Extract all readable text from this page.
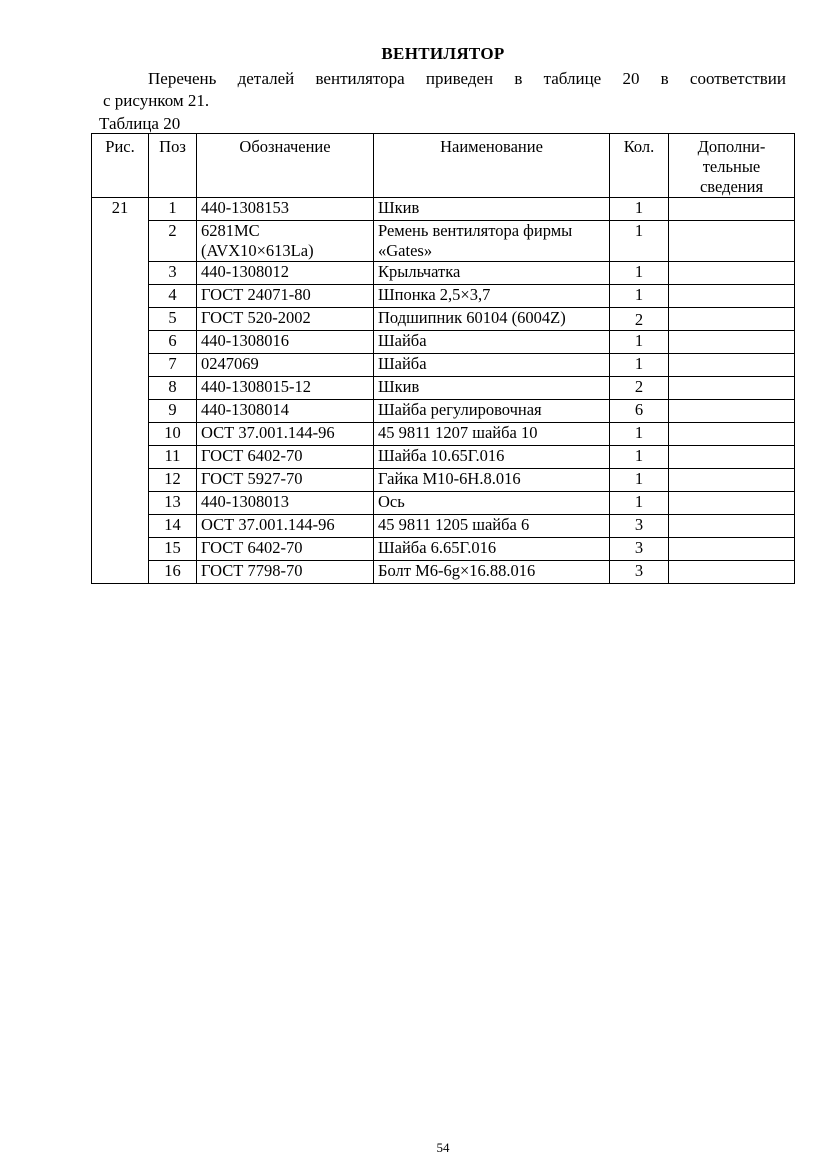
ВЕНТИЛЯТОР
Перечень деталей вентилятора приведен в таблице 20 в соответствии
с рисунком 21.
Таблица 20
Рис.	Поз	Обозначение	Наименование	Кол.	Дополни-тельные сведения
21	1	440-1308153	Шкив	1	
	2	6281МС (AVX10×613La)	Ремень вентилятора фирмы «Gates»	1	
	3	440-1308012	Крыльчатка	1	
	4	ГОСТ 24071-80	Шпонка 2,5×3,7	1	
	5	ГОСТ 520-2002	Подшипник 60104 (6004Z)	2	
	6	440-1308016	Шайба	1	
	7	0247069	Шайба	1	
	8	440-1308015-12	Шкив	2	
	9	440-1308014	Шайба регулировочная	6	
	10	ОСТ 37.001.144-96	45 9811 1207 шайба 10	1	
	11	ГОСТ 6402-70	Шайба 10.65Г.016	1	
	12	ГОСТ 5927-70	Гайка М10-6Н.8.016	1	
	13	440-1308013	Ось	1	
	14	ОСТ 37.001.144-96	45 9811 1205 шайба 6	3	
	15	ГОСТ 6402-70	Шайба 6.65Г.016	3	
	16	ГОСТ 7798-70	Болт М6-6g×16.88.016	3	
54
